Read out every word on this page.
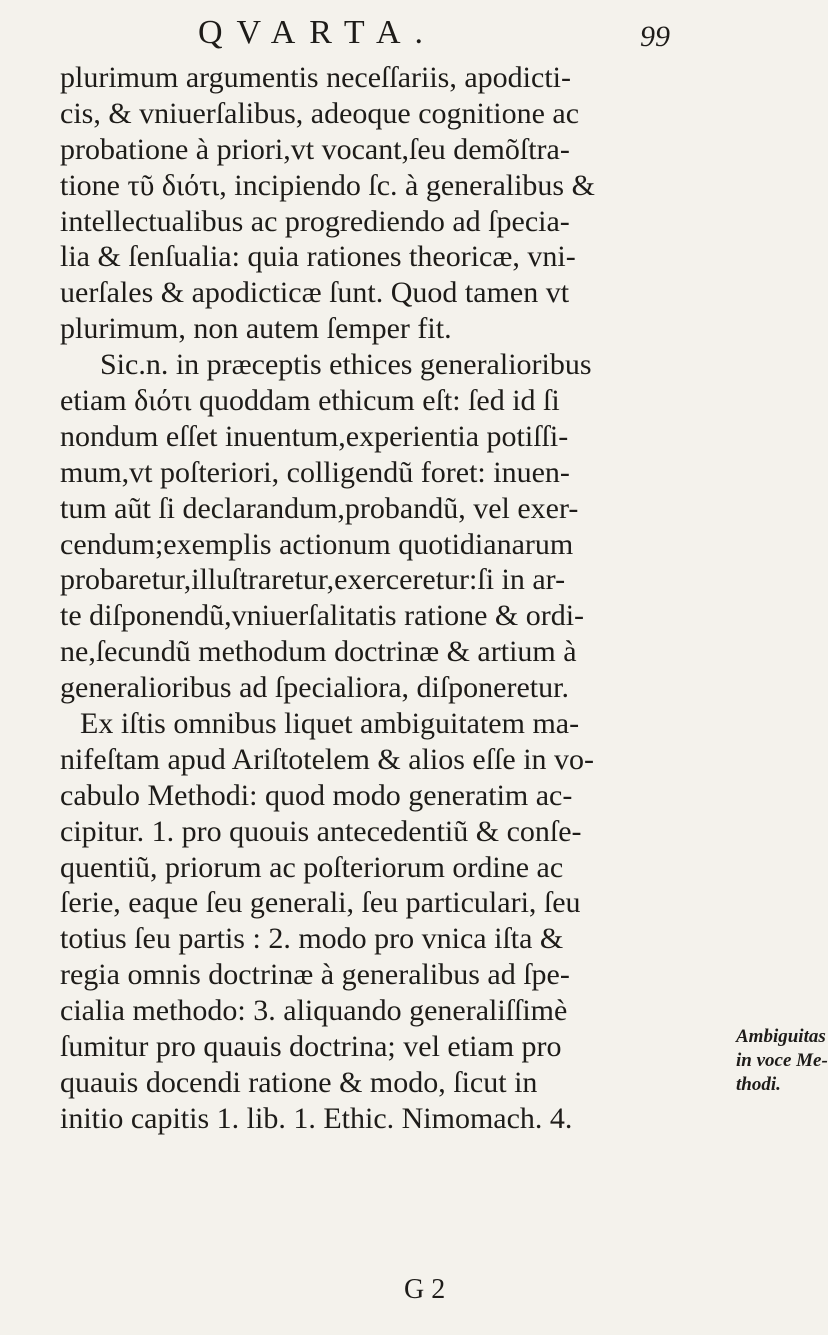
QVARTA.	99
plurimum argumentis neceſſariis, apodicti-
cis, & vniuerſalibus, adeoque cognitione ac
probatione à priori,vt vocant,ſeu demõſtra-
tione τῦ διότι, incipiendo ſc. à generalibus &
intellectualibus ac progrediendo ad ſpecia-
lia & ſenſualia: quia rationes theoricæ, vni-
uerſales & apodicticæ ſunt. Quod tamen vt
plurimum, non autem ſemper fit.
Sic.n. in præceptis ethices generalioribus
etiam διότι quoddam ethicum eſt: ſed id ſi
nondum eſſet inuentum,experientia potiſſi-
mum,vt poſteriori, colligendũ foret: inuen-
tum aũt ſi declarandum,probandũ, vel exer-
cendum;exemplis actionum quotidianarum
probaretur,illuſtraretur,exerceretur:ſi in ar-
te diſponendũ,vniuerſalitatis ratione & ordi-
ne,ſecundũ methodum doctrinæ & artium à
generalioribus ad ſpecialiora, diſponeretur.
Ex iſtis omnibus liquet ambiguitatem ma-
nifeſtam apud Ariſtotelem & alios eſſe in vo-
cabulo Methodi: quod modo generatim ac-
cipitur. 1. pro quouis antecedentiũ & conſe-
quentiũ, priorum ac poſteriorum ordine ac
ſerie, eaque ſeu generali, ſeu particulari, ſeu
totius ſeu partis : 2. modo pro vnica iſta &
regia omnis doctrinæ à generalibus ad ſpe-
cialia methodo: 3. aliquando generaliſſimè
ſumitur pro quauis doctrina; vel etiam pro
quauis docendi ratione & modo, ſicut in
initio capitis 1. lib. 1. Ethic. Nimomach. 4.
Ambiguitas
in voce Me-
thodi.
G 2
